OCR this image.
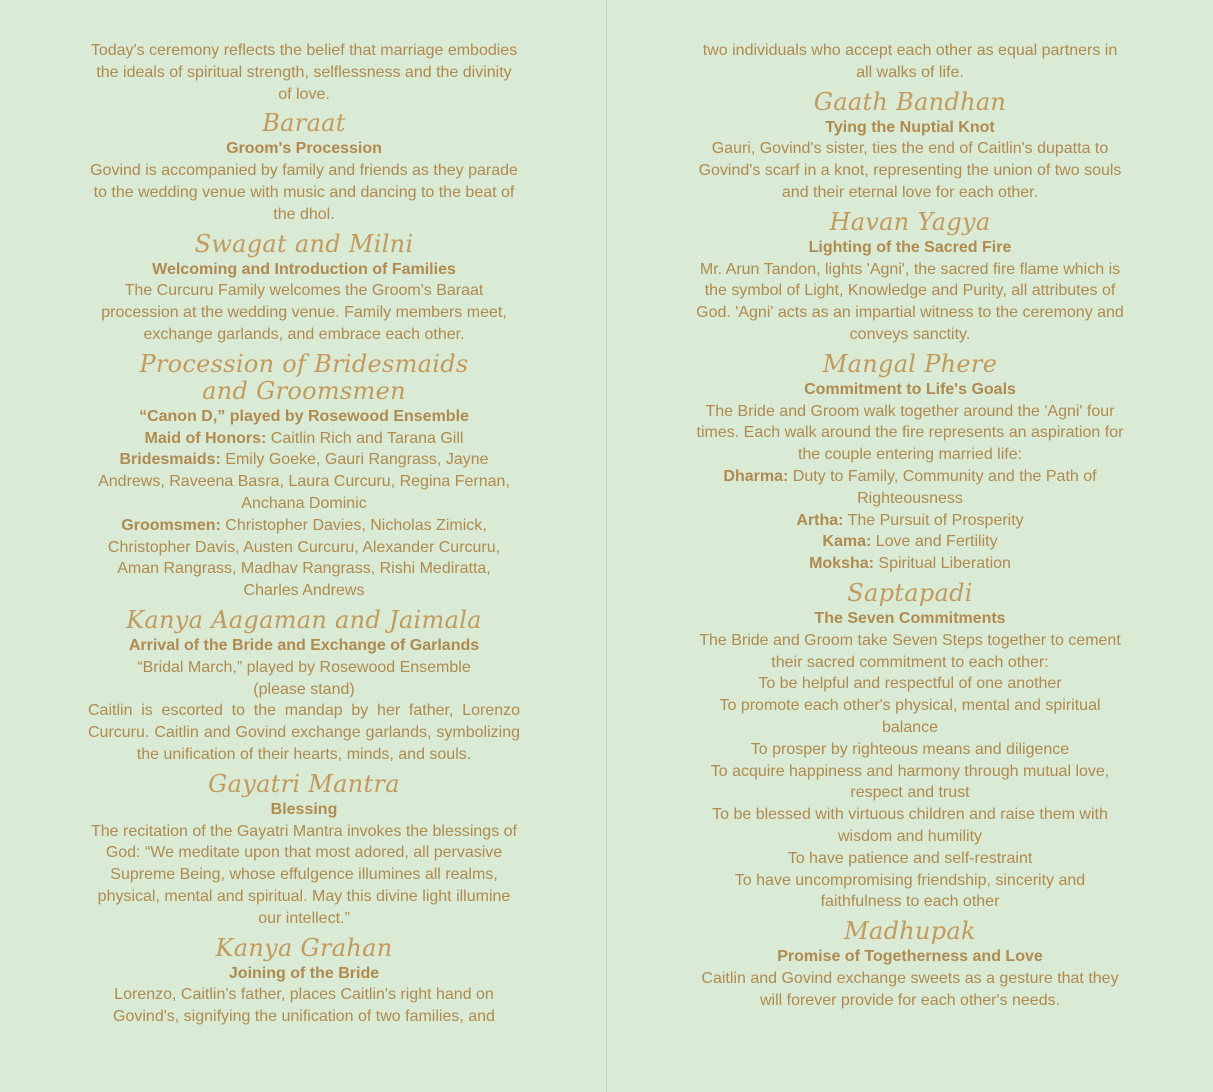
Today's ceremony reflects the belief that marriage embodies the ideals of spiritual strength, selflessness and the divinity of love.

Baraat

Groom's Procession

Govind is accompanied by family and friends as they parade to the wedding venue with music and dancing to the beat of the dhol.

Swagat and Milni

Welcoming and Introduction of Families

The Curcuru Family welcomes the Groom's Baraat procession at the wedding venue. Family members meet, exchange garlands, and embrace each other.

Procession of Bridesmaids and Groomsmen

“Canon D,” played by Rosewood Ensemble

Maid of Honors: Caitlin Rich and Tarana Gill

Bridesmaids: Emily Goeke, Gauri Rangrass, Jayne Andrews, Raveena Basra, Laura Curcuru, Regina Fernan, Anchana Dominic

Groomsmen: Christopher Davies, Nicholas Zimick, Christopher Davis, Austen Curcuru, Alexander Curcuru, Aman Rangrass, Madhav Rangrass, Rishi Mediratta, Charles Andrews

Kanya Aagaman and Jaimala

Arrival of the Bride and Exchange of Garlands

“Bridal March,” played by Rosewood Ensemble

(please stand)

Caitlin is escorted to the mandap by her father, Lorenzo Curcuru. Caitlin and Govind exchange garlands, symbolizing the unification of their hearts, minds, and souls.

Gayatri Mantra

Blessing

The recitation of the Gayatri Mantra invokes the blessings of God: “We meditate upon that most adored, all pervasive Supreme Being, whose effulgence illumines all realms, physical, mental and spiritual. May this divine light illumine our intellect.”

Kanya Grahan

Joining of the Bride

Lorenzo, Caitlin's father, places Caitlin's right hand on Govind's, signifying the unification of two families, and

two individuals who accept each other as equal partners in all walks of life.

Gaath Bandhan

Tying the Nuptial Knot

Gauri, Govind's sister, ties the end of Caitlin's dupatta to Govind's scarf in a knot, representing the union of two souls and their eternal love for each other.

Havan Yagya

Lighting of the Sacred Fire

Mr. Arun Tandon, lights 'Agni', the sacred fire flame which is the symbol of Light, Knowledge and Purity, all attributes of God. 'Agni' acts as an impartial witness to the ceremony and conveys sanctity.

Mangal Phere

Commitment to Life's Goals

The Bride and Groom walk together around the 'Agni' four times. Each walk around the fire represents an aspiration for the couple entering married life:

Dharma: Duty to Family, Community and the Path of Righteousness

Artha: The Pursuit of Prosperity

Kama: Love and Fertility

Moksha: Spiritual Liberation

Saptapadi

The Seven Commitments

The Bride and Groom take Seven Steps together to cement their sacred commitment to each other:

To be helpful and respectful of one another

To promote each other's physical, mental and spiritual balance

To prosper by righteous means and diligence

To acquire happiness and harmony through mutual love, respect and trust

To be blessed with virtuous children and raise them with wisdom and humility

To have patience and self-restraint

To have uncompromising friendship, sincerity and faithfulness to each other

Madhupak

Promise of Togetherness and Love

Caitlin and Govind exchange sweets as a gesture that they will forever provide for each other's needs.
